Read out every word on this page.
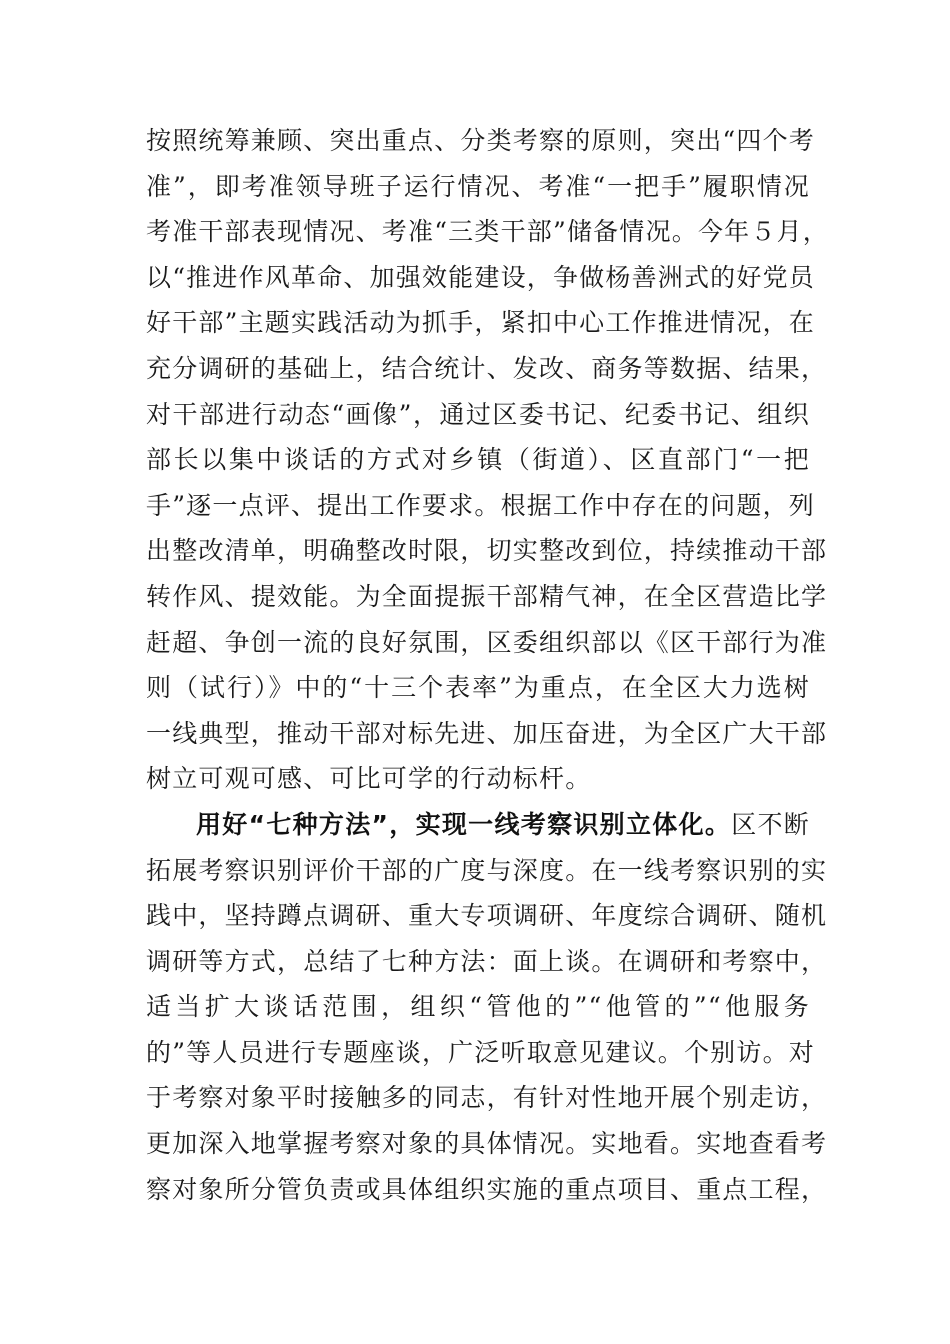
按照统筹兼顾、突出重点、分类考察的原则，突出“四个考
准”，即考准领导班子运行情况、考准“一把手”履职情况
考准干部表现情况、考准“三类干部”储备情况。今年５月，
以“推进作风革命、加强效能建设，争做杨善洲式的好党员
好干部”主题实践活动为抓手，紧扣中心工作推进情况，在
充分调研的基础上，结合统计、发改、商务等数据、结果，
对干部进行动态“画像”，通过区委书记、纪委书记、组织
部长以集中谈话的方式对乡镇（街道）、区直部门“一把
手”逐一点评、提出工作要求。根据工作中存在的问题，列
出整改清单，明确整改时限，切实整改到位，持续推动干部
转作风、提效能。为全面提振干部精气神，在全区营造比学
赶超、争创一流的良好氛围，区委组织部以《区干部行为准
则（试行）》中的“十三个表率”为重点，在全区大力选树
一线典型，推动干部对标先进、加压奋进，为全区广大干部
树立可观可感、可比可学的行动标杆。
用好“七种方法”，实现一线考察识别立体化。区不断
拓展考察识别评价干部的广度与深度。在一线考察识别的实
践中，坚持蹲点调研、重大专项调研、年度综合调研、随机
调研等方式，总结了七种方法：面上谈。在调研和考察中，
适当扩大谈话范围，组织“管他的”“他管的”“他服务
的”等人员进行专题座谈，广泛听取意见建议。个别访。对
于考察对象平时接触多的同志，有针对性地开展个别走访，
更加深入地掌握考察对象的具体情况。实地看。实地查看考
察对象所分管负责或具体组织实施的重点项目、重点工程，
